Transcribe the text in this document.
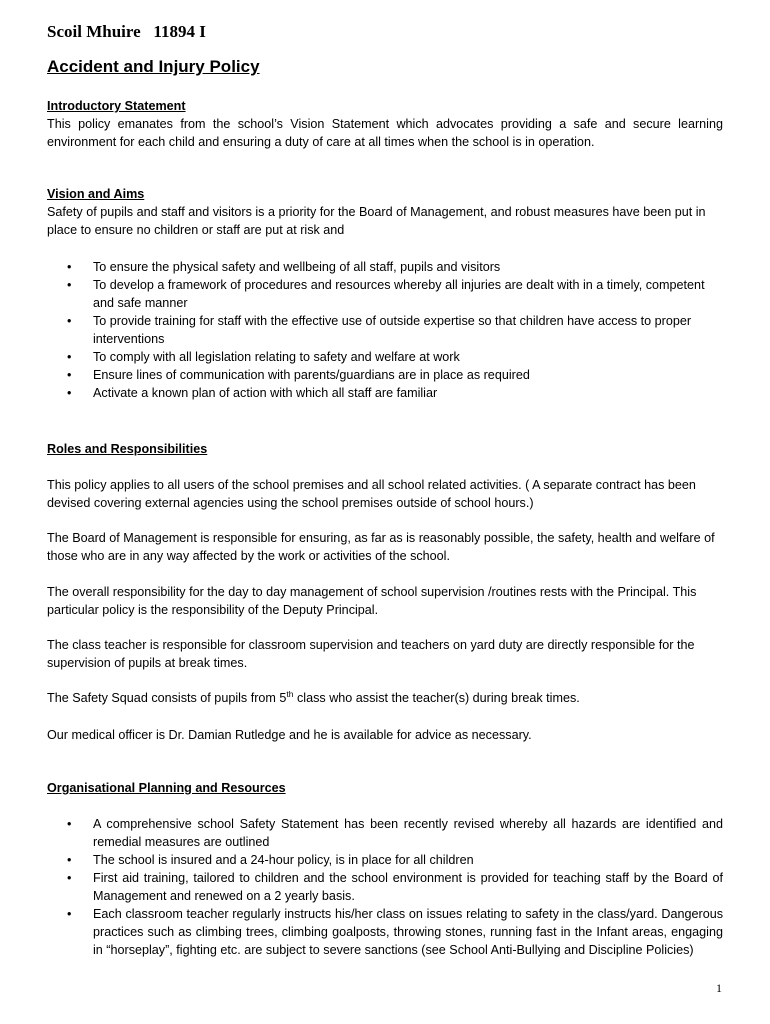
Scoil Mhuire   11894 I

Accident and Injury Policy

Introductory Statement

This policy emanates from the school’s Vision Statement which advocates providing a safe and secure learning environment for each child and ensuring a duty of care at all times when the school is in operation.

Vision and Aims

Safety of pupils and staff and visitors is a priority for the Board of Management, and robust measures have been put in place to ensure no children or staff are put at risk and

• To ensure the physical safety and wellbeing of all staff, pupils and visitors
• To develop a framework of procedures and resources whereby all injuries are dealt with in a timely, competent and safe manner
• To provide training for staff with the effective use of outside expertise so that children have access to proper interventions
• To comply with all legislation relating to safety and welfare at work
• Ensure lines of communication with parents/guardians are in place as required
• Activate a known plan of action with which all staff are familiar

Roles and Responsibilities

This policy applies to all users of the school premises and all school related activities. ( A separate contract has been devised covering external agencies using the school premises outside of school hours.)

The Board of Management is responsible for ensuring, as far as is reasonably possible, the safety, health and welfare of those who are in any way affected by the work or activities of the school.

The overall responsibility for the day to day management of school supervision /routines rests with the Principal. This particular policy is the responsibility of the Deputy Principal.

The class teacher is responsible for classroom supervision and teachers on yard duty are directly responsible for the supervision of pupils at break times.

The Safety Squad consists of pupils from 5th class who assist the teacher(s) during break times.

Our medical officer is Dr. Damian Rutledge and he is available for advice as necessary.

Organisational Planning and Resources

• A comprehensive school Safety Statement has been recently revised whereby all hazards are identified and remedial measures are outlined
• The school is insured and a 24-hour policy, is in place for all children
• First aid training, tailored to children and the school environment is provided for teaching staff by the Board of Management and renewed on a 2 yearly basis.
• Each classroom teacher regularly instructs his/her class on issues relating to safety in the class/yard. Dangerous practices such as climbing trees, climbing goalposts, throwing stones, running fast in the Infant areas, engaging in “horseplay”, fighting etc. are subject to severe sanctions (see School Anti-Bullying and Discipline Policies)

1
